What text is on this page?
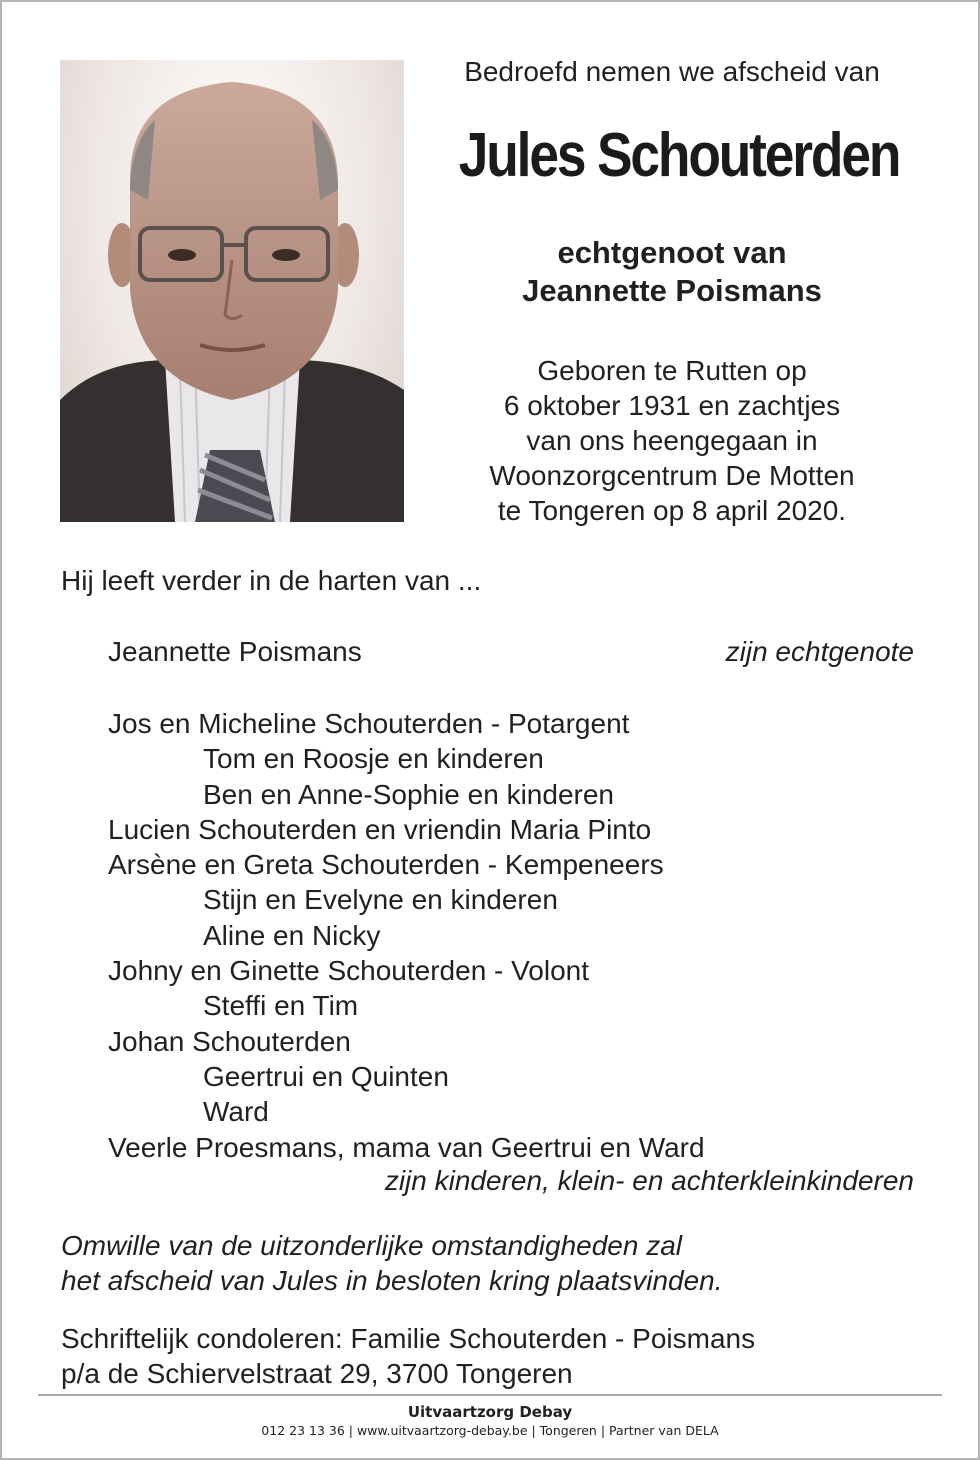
Bedroefd nemen we afscheid van
Jules Schouterden
echtgenoot van
Jeannette Poismans
Geboren te Rutten op
6 oktober 1931 en zachtjes
van ons heengegaan in
Woonzorgcentrum De Motten
te Tongeren op 8 april 2020.
Hij leeft verder in de harten van ...
Jeannette Poismans	zijn echtgenote
Jos en Micheline Schouterden - Potargent
Tom en Roosje en kinderen
Ben en Anne-Sophie en kinderen
Lucien Schouterden en vriendin Maria Pinto
Arsène en Greta Schouterden - Kempeneers
Stijn en Evelyne en kinderen
Aline en Nicky
Johny en Ginette Schouterden - Volont
Steffi en Tim
Johan Schouterden
Geertrui en Quinten
Ward
Veerle Proesmans, mama van Geertrui en Ward
zijn kinderen, klein- en achterkleinkinderen
Omwille van de uitzonderlijke omstandigheden zal
het afscheid van Jules in besloten kring plaatsvinden.
Schriftelijk condoleren: Familie Schouterden - Poismans
p/a de Schiervelstraat 29, 3700 Tongeren
Uitvaartzorg Debay
012 23 13 36 | www.uitvaartzorg-debay.be | Tongeren | Partner van DELA
